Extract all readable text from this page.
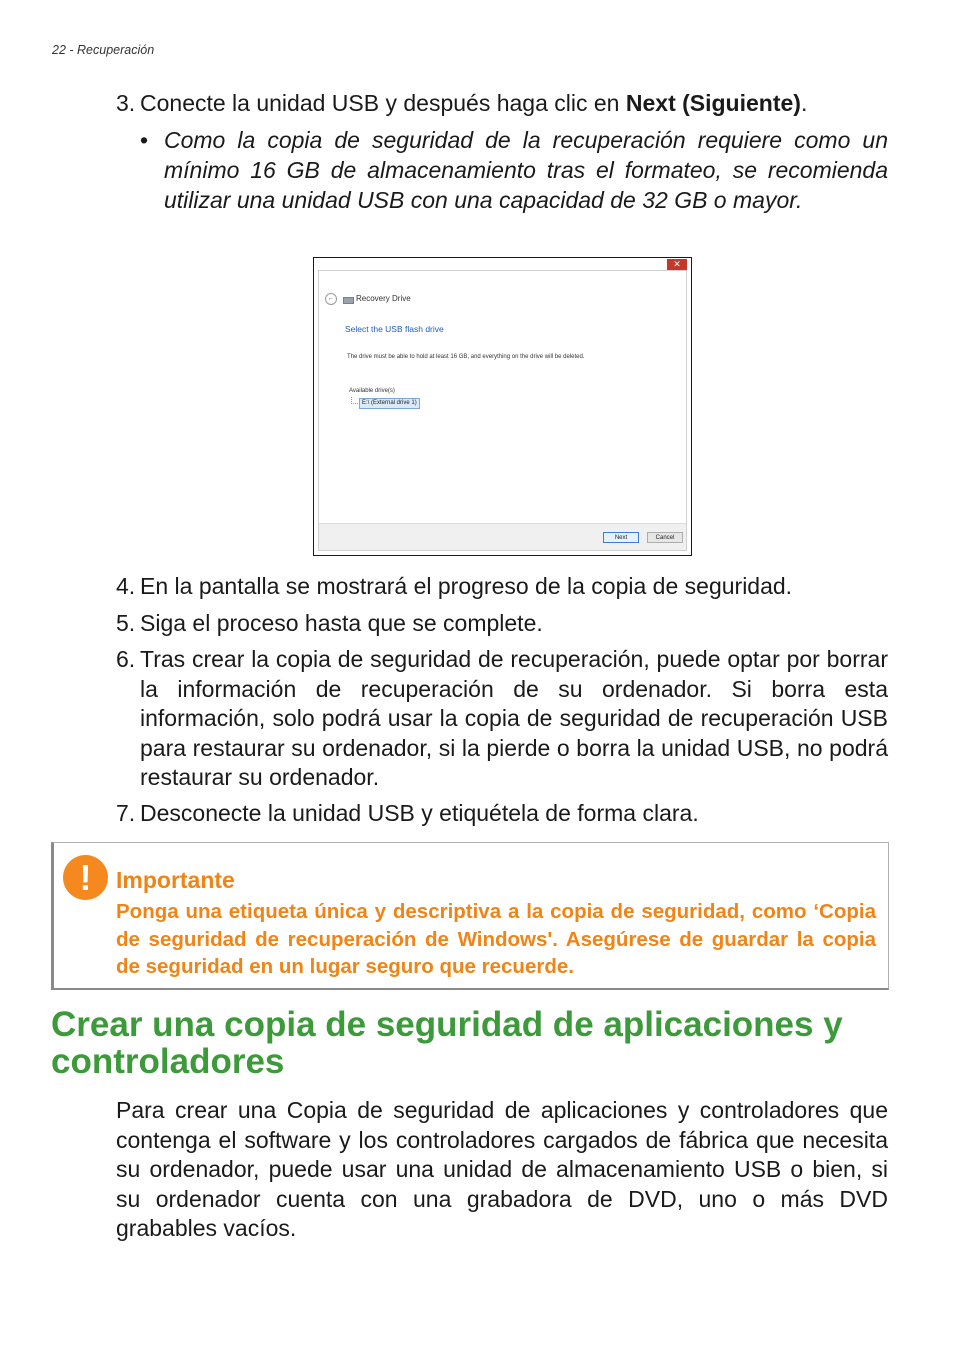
22 - Recuperación
3. Conecte la unidad USB y después haga clic en Next (Siguiente).
• Como la copia de seguridad de la recuperación requiere como un mínimo 16 GB de almacenamiento tras el formateo, se recomienda utilizar una unidad USB con una capacidad de 32 GB o mayor.
✕
←	Recovery Drive
Select the USB flash drive
The drive must be able to hold at least 16 GB, and everything on the drive will be deleted.
Available drive(s)
E:\ (External drive 1)
Next	Cancel
4. En la pantalla se mostrará el progreso de la copia de seguridad.
5. Siga el proceso hasta que se complete.
6. Tras crear la copia de seguridad de recuperación, puede optar por borrar la información de recuperación de su ordenador. Si borra esta información, solo podrá usar la copia de seguridad de recuperación USB para restaurar su ordenador, si la pierde o borra la unidad USB, no podrá restaurar su ordenador.
7. Desconecte la unidad USB y etiquétela de forma clara.
!	Importante
Ponga una etiqueta única y descriptiva a la copia de seguridad, como ‘Copia de seguridad de recuperación de Windows'. Asegúrese de guardar la copia de seguridad en un lugar seguro que recuerde.
Crear una copia de seguridad de aplicaciones y controladores
Para crear una Copia de seguridad de aplicaciones y controladores que contenga el software y los controladores cargados de fábrica que necesita su ordenador, puede usar una unidad de almacenamiento USB o bien, si su ordenador cuenta con una grabadora de DVD, uno o más DVD grabables vacíos.
